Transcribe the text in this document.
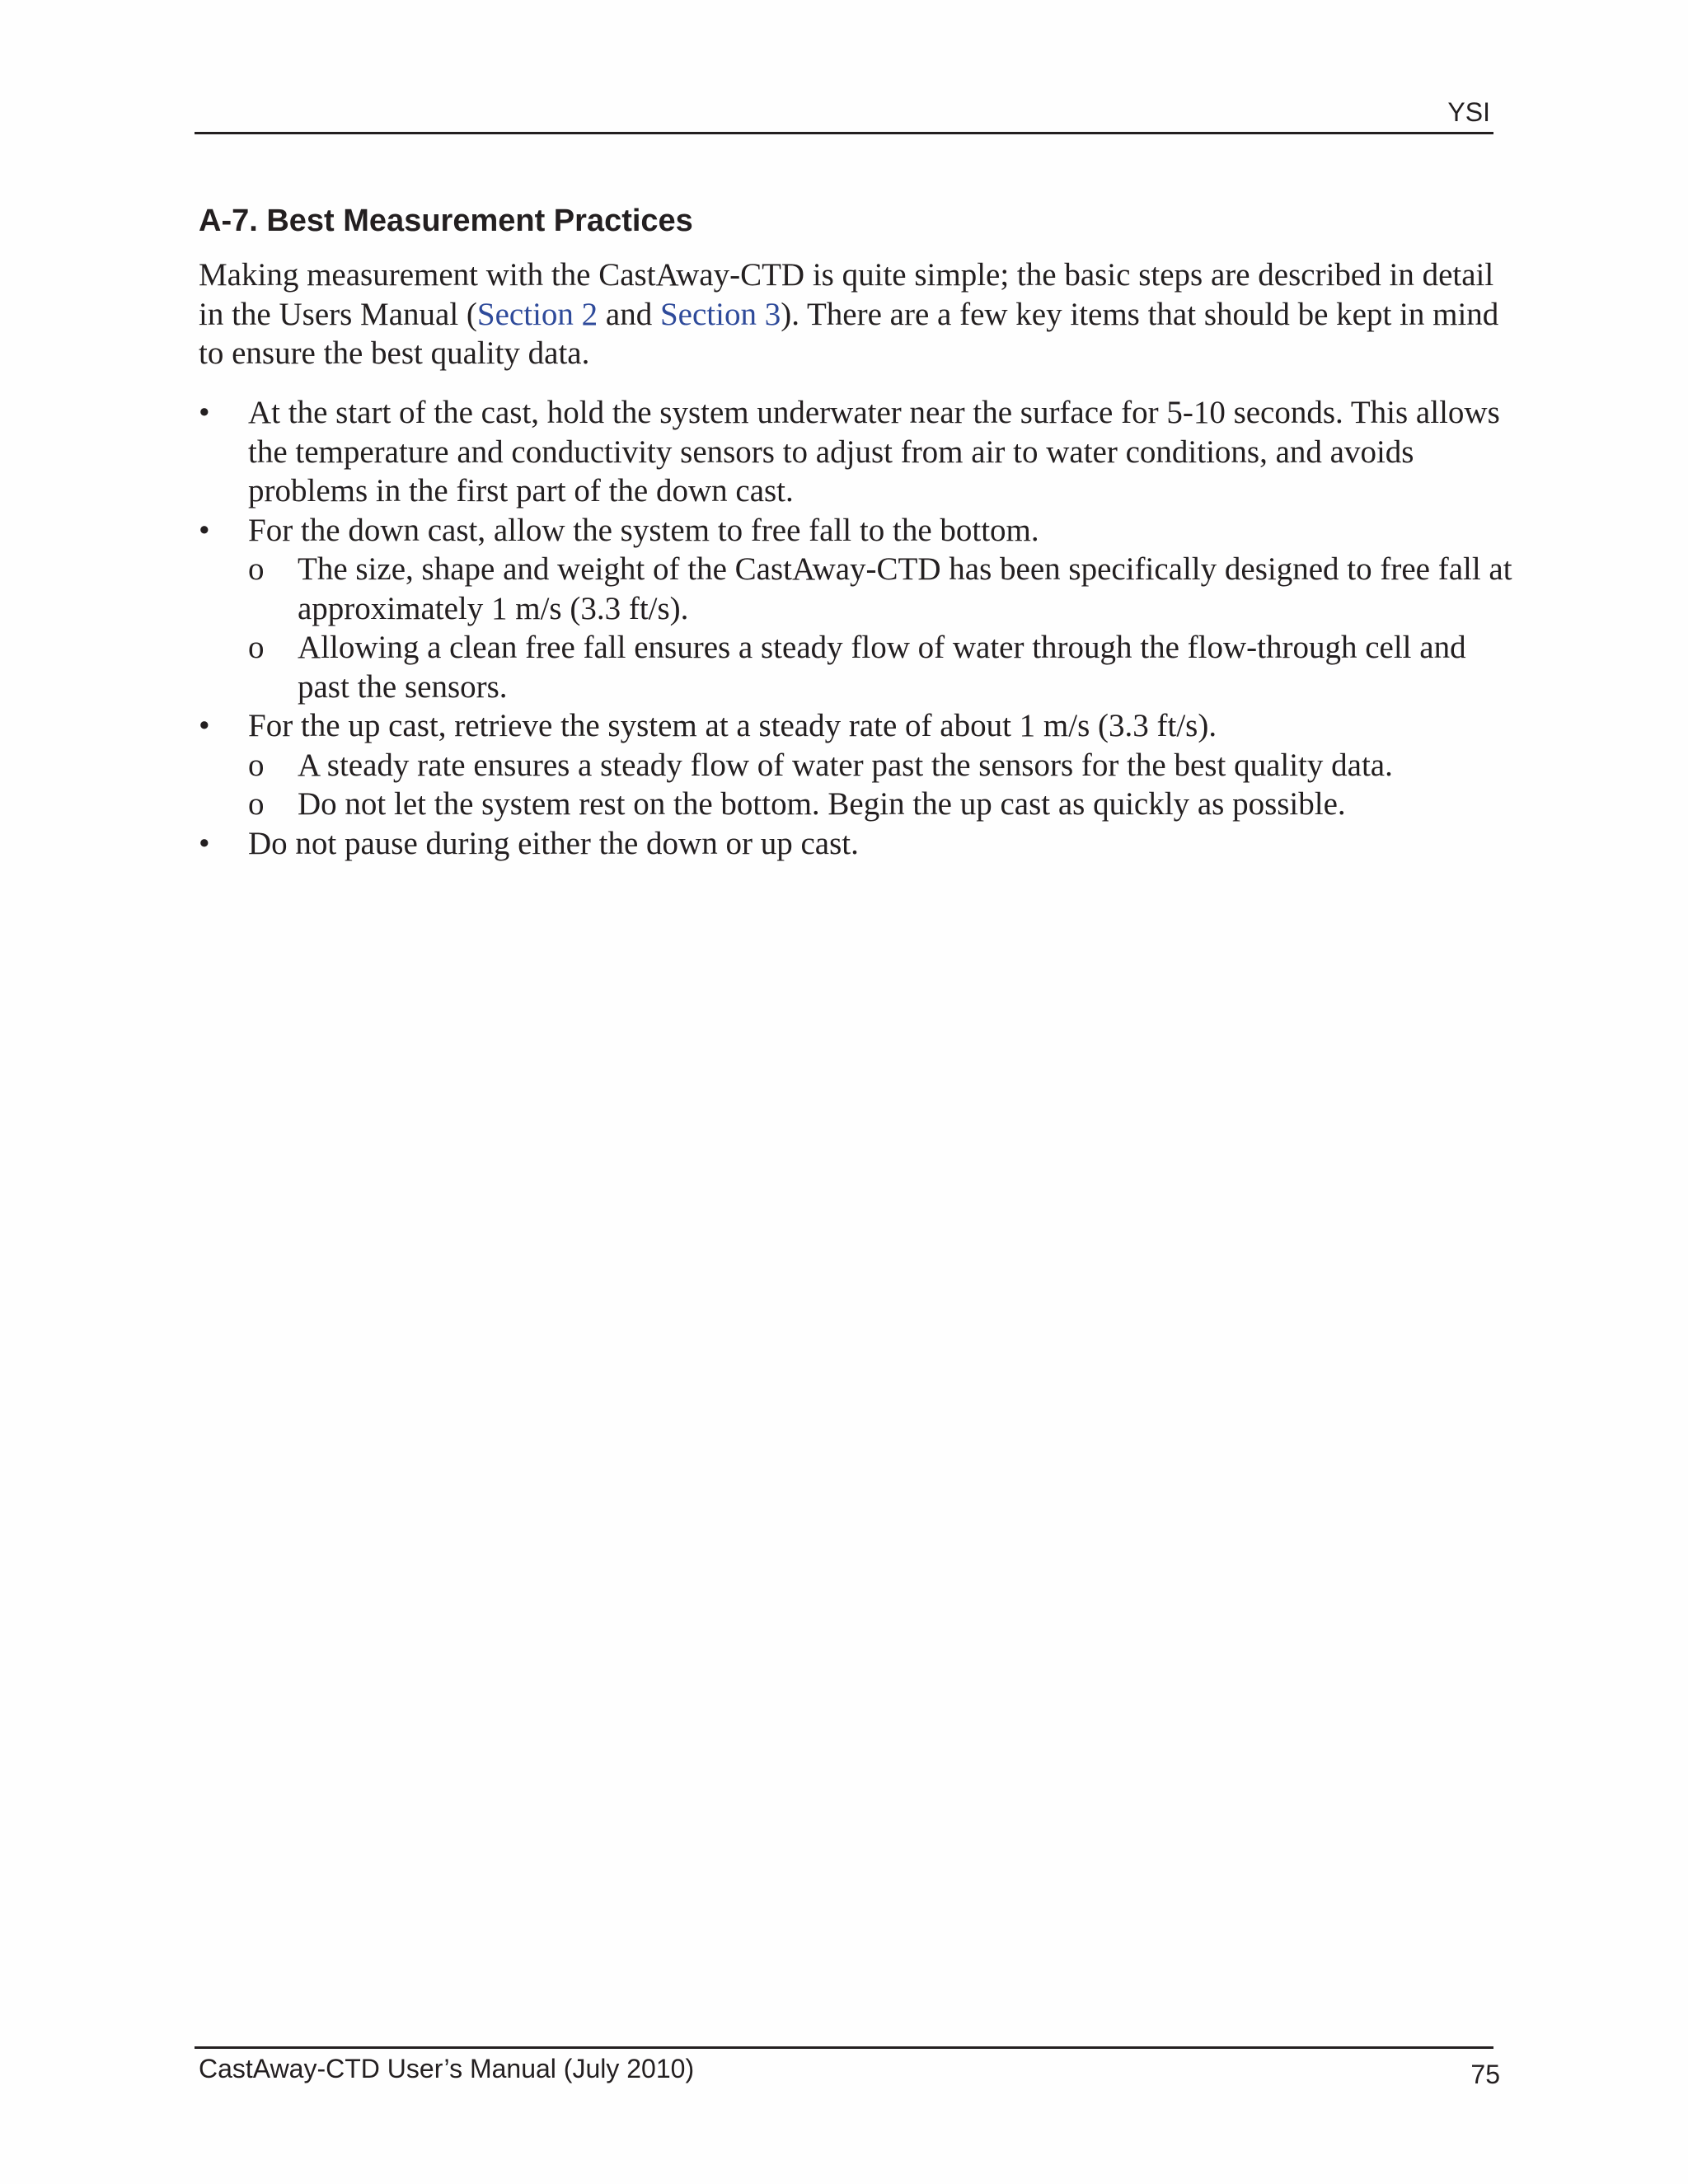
YSI
A-7. Best Measurement Practices

Making measurement with the CastAway-CTD is quite simple; the basic steps are described in detail in the Users Manual (Section 2 and Section 3). There are a few key items that should be kept in mind to ensure the best quality data.

•	At the start of the cast, hold the system underwater near the surface for 5-10 seconds. This allows the temperature and conductivity sensors to adjust from air to water conditions, and avoids problems in the first part of the down cast.
•	For the down cast, allow the system to free fall to the bottom.
o The size, shape and weight of the CastAway-CTD has been specifically designed to free fall at approximately 1 m/s (3.3 ft/s).
o Allowing a clean free fall ensures a steady flow of water through the flow-through cell and past the sensors.
•	For the up cast, retrieve the system at a steady rate of about 1 m/s (3.3 ft/s).
o A steady rate ensures a steady flow of water past the sensors for the best quality data.
o Do not let the system rest on the bottom. Begin the up cast as quickly as possible.
•	Do not pause during either the down or up cast.
CastAway-CTD User’s Manual (July 2010)	75
